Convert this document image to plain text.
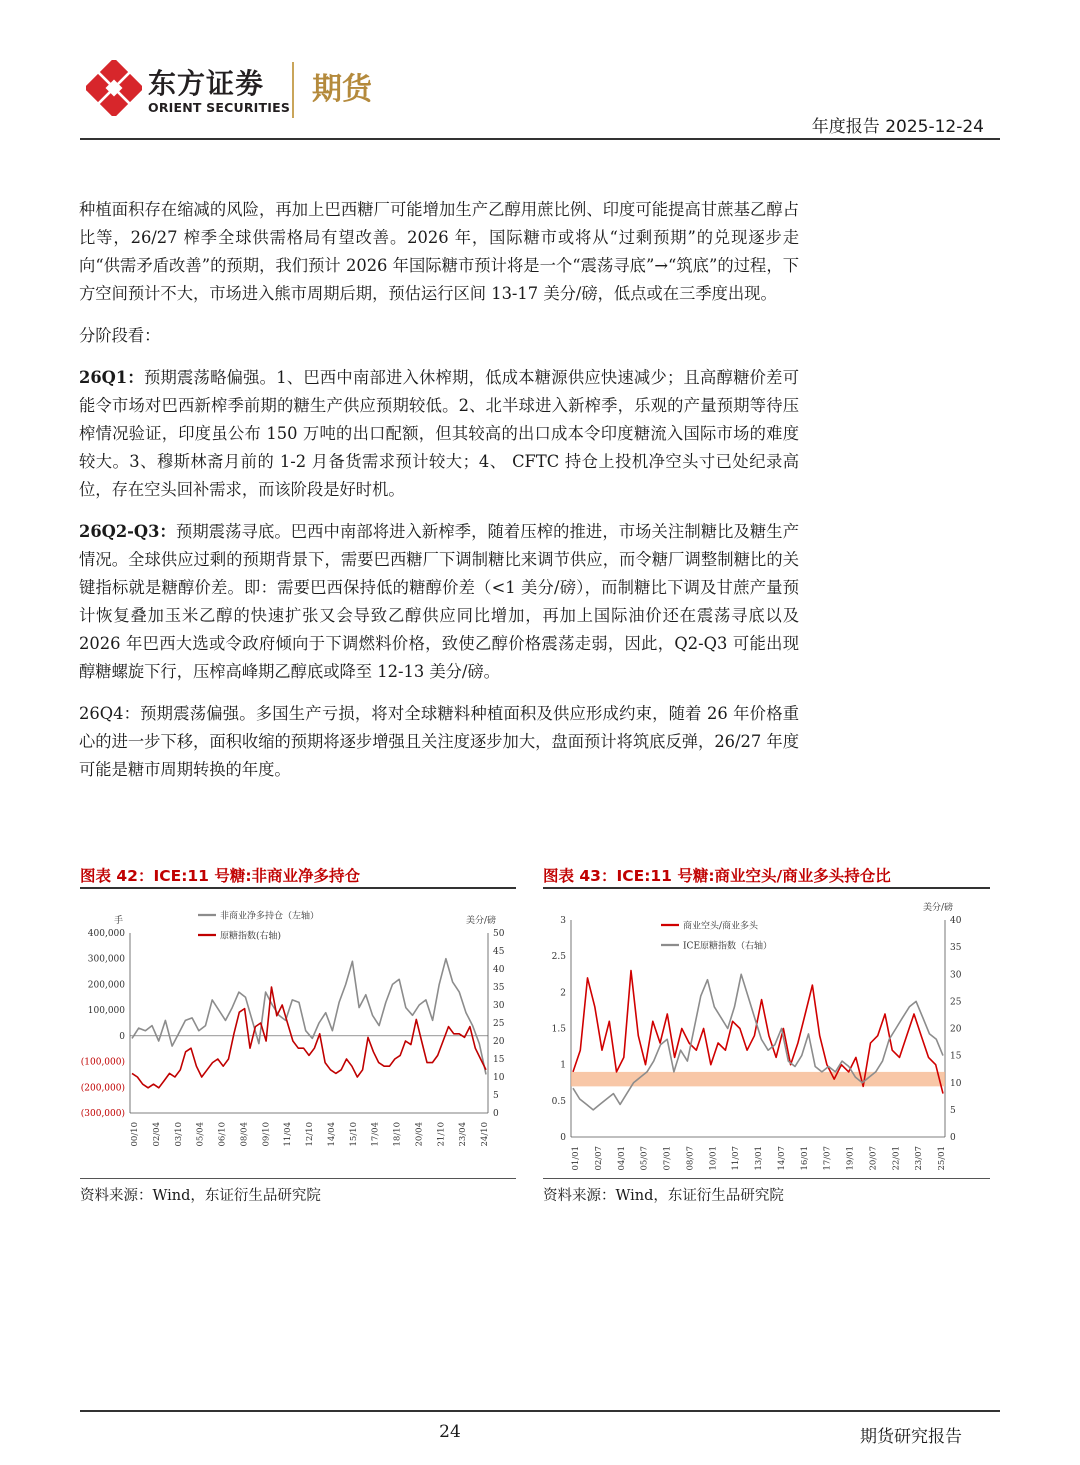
东方证劵
ORIENT SECURITIES
期货
年度报告 2025-12-24

种植面积存在缩减的风险，再加上巴西糖厂可能增加生产乙醇用蔗比例、印度可能提高甘蔗基乙醇占比等，26/27 榨季全球供需格局有望改善。2026 年，国际糖市或将从“过剩预期”的兑现逐步走向“供需矛盾改善”的预期，我们预计 2026 年国际糖市预计将是一个“震荡寻底”→“筑底”的过程，下方空间预计不大，市场进入熊市周期后期，预估运行区间 13-17 美分/磅，低点或在三季度出现。

分阶段看：

26Q1：预期震荡略偏强。1、巴西中南部进入休榨期，低成本糖源供应快速减少；且高醇糖价差可能令市场对巴西新榨季前期的糖生产供应预期较低。2、北半球进入新榨季，乐观的产量预期等待压榨情况验证，印度虽公布 150 万吨的出口配额，但其较高的出口成本令印度糖流入国际市场的难度较大。3、穆斯林斋月前的 1-2 月备货需求预计较大；4、 CFTC 持仓上投机净空头寸已处纪录高位，存在空头回补需求，而该阶段是好时机。

26Q2-Q3：预期震荡寻底。巴西中南部将进入新榨季，随着压榨的推进，市场关注制糖比及糖生产情况。全球供应过剩的预期背景下，需要巴西糖厂下调制糖比来调节供应，而令糖厂调整制糖比的关键指标就是糖醇价差。即：需要巴西保持低的糖醇价差（<1 美分/磅），而制糖比下调及甘蔗产量预计恢复叠加玉米乙醇的快速扩张又会导致乙醇供应同比增加，再加上国际油价还在震荡寻底以及 2026 年巴西大选或令政府倾向于下调燃料价格，致使乙醇价格震荡走弱，因此，Q2-Q3 可能出现醇糖螺旋下行，压榨高峰期乙醇底或降至 12-13 美分/磅。

26Q4：预期震荡偏强。多国生产亏损，将对全球糖料种植面积及供应形成约束，随着 26 年价格重心的进一步下移，面积收缩的预期将逐步增强且关注度逐步加大，盘面预计将筑底反弹，26/27 年度可能是糖市周期转换的年度。

图表 42：ICE:11 号糖:非商业净多持仓
400,000
300,000
200,000
100,000
0
(100,000)
(200,000)
(300,000)
50
45
40
35
30
25
20
15
10
5
0
手	美分/磅
00/10 02/04 03/10 05/04 06/10 08/04 09/10 11/04 12/10 14/04 15/10 17/04 18/10 20/04 21/10 23/04 24/10
非商业净多持仓（左轴）
原糖指数(右轴)
资料来源：Wind，东证衍生品研究院
图表 43：ICE:11 号糖:商业空头/商业多头持仓比
3
2.5
2
1.5
1
0.5
0
40
35
30
25
20
15
10
5
0
美分/磅
01/01 02/07 04/01 05/07 07/01 08/07 10/01 11/07 13/01 14/07 16/01 17/07 19/01 20/07 22/01 23/07 25/01
商业空头/商业多头
ICE原糖指数（右轴）
资料来源：Wind，东证衍生品研究院
24	期货研究报告
